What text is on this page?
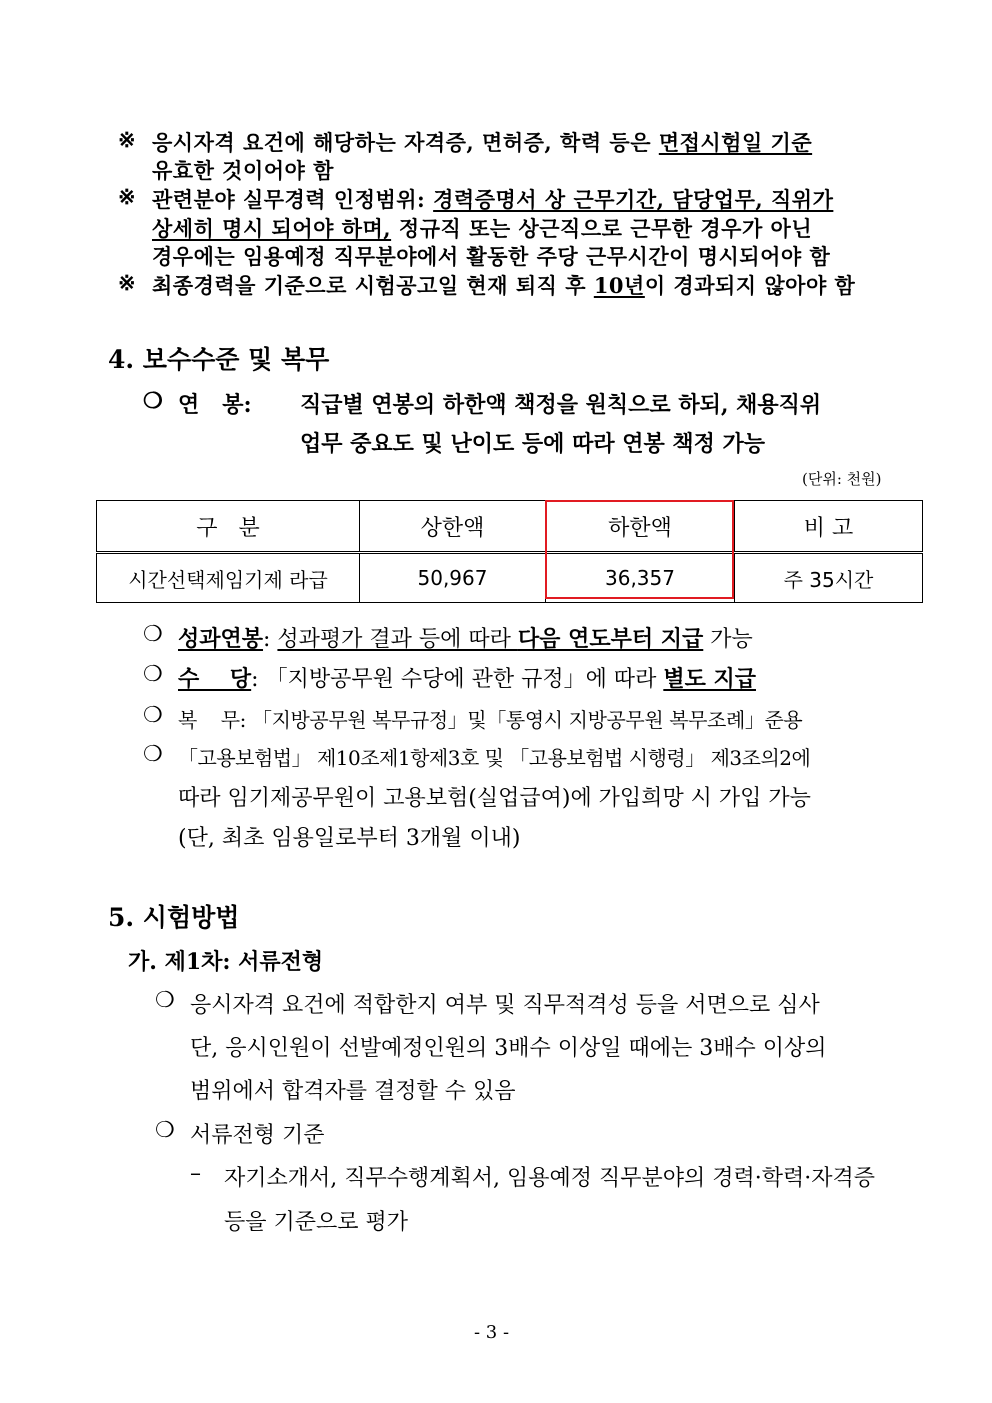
※ 응시자격 요건에 해당하는 자격증, 면허증, 학력 등은 면접시험일 기준
유효한 것이어야 함
※ 관련분야 실무경력 인정범위: 경력증명서 상 근무기간, 담당업무, 직위가
상세히 명시 되어야 하며, 정규직 또는 상근직으로 근무한 경우가 아닌
경우에는 임용예정 직무분야에서 활동한 주당 근무시간이 명시되어야 함
※ 최종경력을 기준으로 시험공고일 현재 퇴직 후 10년이 경과되지 않아야 함
4. 보수수준 및 복무
❍ 연   봉: 직급별 연봉의 하한액 책정을 원칙으로 하되, 채용직위
업무 중요도 및 난이도 등에 따라 연봉 책정 가능
(단위: 천원)
구   분	상한액	하한액	비 고
시간선택제임기제 라급	50,967	36,357	주 35시간
❍ 성과연봉: 성과평가 결과 등에 따라 다음 연도부터 지급 가능
❍ 수    당: 「지방공무원 수당에 관한 규정」에 따라 별도 지급
❍ 복    무: 「지방공무원 복무규정」및「통영시 지방공무원 복무조례」준용
❍ 「고용보험법」 제10조제1항제3호 및 「고용보험법 시행령」 제3조의2에
따라 임기제공무원이 고용보험(실업급여)에 가입희망 시 가입 가능
(단, 최초 임용일로부터 3개월 이내)
5. 시험방법
가. 제1차: 서류전형
❍ 응시자격 요건에 적합한지 여부 및 직무적격성 등을 서면으로 심사
단, 응시인원이 선발예정인원의 3배수 이상일 때에는 3배수 이상의
범위에서 합격자를 결정할 수 있음
❍ 서류전형 기준
– 자기소개서, 직무수행계획서, 임용예정 직무분야의 경력·학력·자격증
등을 기준으로 평가
- 3 -
